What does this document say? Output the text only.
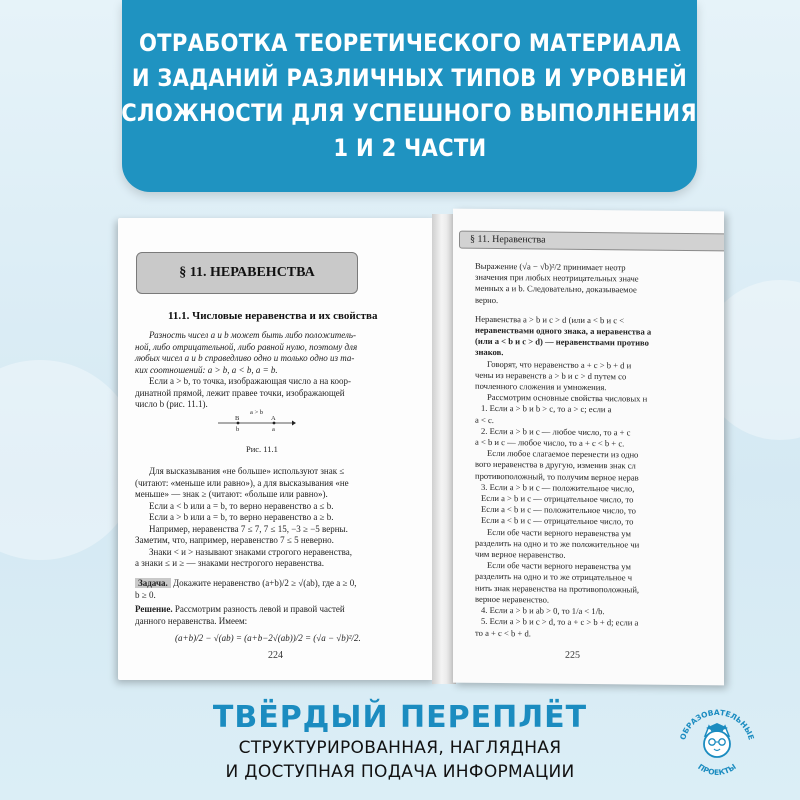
ОТРАБОТКА ТЕОРЕТИЧЕСКОГО МАТЕРИАЛА
И ЗАДАНИЙ РАЗЛИЧНЫХ ТИПОВ И УРОВНЕЙ
СЛОЖНОСТИ ДЛЯ УСПЕШНОГО ВЫПОЛНЕНИЯ
1 И 2 ЧАСТИ
§ 11. НЕРАВЕНСТВА
11.1. Числовые неравенства и их свойства
Разность чисел a и b может быть либо положитель-
ной, либо отрицательной, либо равной нулю, поэтому для
любых чисел a и b справедливо одно и только одно из та-
ких соотношений: a > b, a < b, a = b.
Если a > b, то точка, изображающая число a на коор-
динатной прямой, лежит правее точки, изображающей
число b (рис. 11.1).
a > b
B	A
b	a
Рис. 11.1
Для высказывания «не больше» используют знак ≤
(читают: «меньше или равно»), а для высказывания «не
меньше» — знак ≥ (читают: «больше или равно»).
Если a < b или a = b, то верно неравенство a ≤ b.
Если a > b или a = b, то верно неравенство a ≥ b.
Например, неравенства 7 ≤ 7, 7 ≤ 15, −3 ≥ −5 верны.
Заметим, что, например, неравенство 7 ≤ 5 неверно.
Знаки < и > называют знаками строгого неравенства,
а знаки ≤ и ≥ — знаками нестрогого неравенства.
Задача. Докажите неравенство (a+b)/2 ≥ √(ab), где a ≥ 0,
b ≥ 0.
Решение. Рассмотрим разность левой и правой частей
данного неравенства. Имеем:
(a+b)/2 − √(ab) = (a+b−2√(ab))/2 = (√a − √b)²/2.
224
§ 11. Неравенства
Выражение (√a − √b)²/2 принимает неотр
значения при любых неотрицательных значе
менных a и b. Следовательно, доказываемое
верно.
Неравенства a > b и c > d (или a < b и c <
неравенствами одного знака, а неравенства a
(или a < b и c > d) — неравенствами противо
знаков.
Говорят, что неравенство a + c > b + d и
чены из неравенств a > b и c > d путем со
почленного сложения и умножения.
Рассмотрим основные свойства числовых н
1. Если a > b и b > c, то a > c; если a
a < c.
2. Если a > b и c — любое число, то a + c
a < b и c — любое число, то a + c < b + c.
Если любое слагаемое перенести из одно
вого неравенства в другую, изменив знак сл
противоположный, то получим верное нерав
3. Если a > b и c — положительное число,
Если a > b и c — отрицательное число, то
Если a < b и c — положительное число, то
Если a < b и c — отрицательное число, то
Если обе части верного неравенства ум
разделить на одно и то же положительное чи
чим верное неравенство.
Если обе части верного неравенства ум
разделить на одно и то же отрицательное ч
нить знак неравенства на противоположный,
верное неравенство.
4. Если a > b и ab > 0, то 1/a < 1/b.
5. Если a > b и c > d, то a + c > b + d; если a
то a + c < b + d.
225
ТВЁРДЫЙ ПЕРЕПЛЁТ
СТРУКТУРИРОВАННАЯ, НАГЛЯДНАЯ
И ДОСТУПНАЯ ПОДАЧА ИНФОРМАЦИИ
ОБРАЗОВАТЕЛЬНЫЕ
ПРОЕКТЫ
